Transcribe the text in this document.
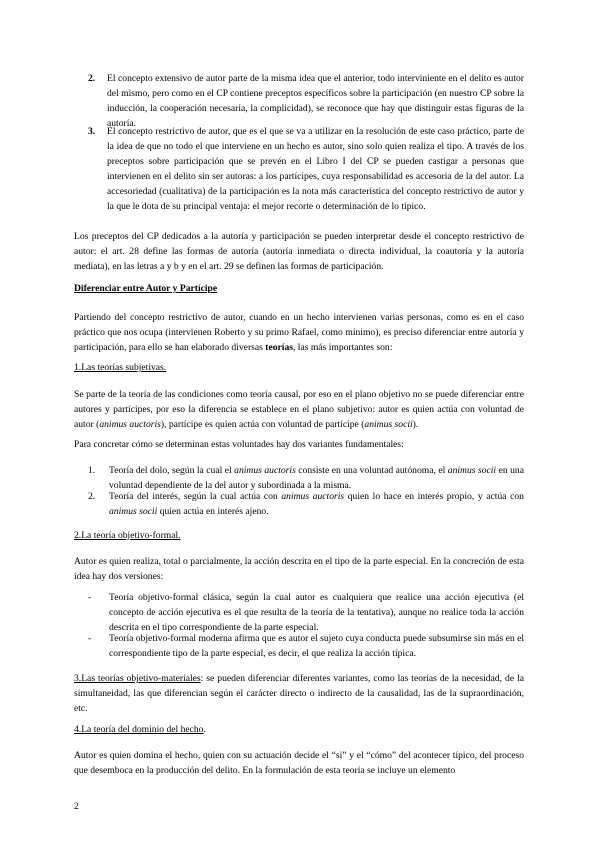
2.	El concepto extensivo de autor parte de la misma idea que el anterior, todo interviniente en el delito es autor del mismo, pero como en el CP contiene preceptos específicos sobre la participación (en nuestro CP sobre la inducción, la cooperación necesaria, la complicidad), se reconoce que hay que distinguir estas figuras de la autoría.

3.	El concepto restrictivo de autor, que es el que se va a utilizar en la resolución de este caso práctico, parte de la idea de que no todo el que interviene en un hecho es autor, sino solo quien realiza el tipo. A través de los preceptos sobre participación que se prevén en el Libro I del CP se pueden castigar a personas que intervienen en el delito sin ser autoras: a los partícipes, cuya responsabilidad es accesoria de la del autor. La accesoriedad (cualitativa) de la participación es la nota más característica del concepto restrictivo de autor y la que le dota de su principal ventaja: el mejor recorte o determinación de lo típico.

Los preceptos del CP dedicados a la autoría y participación se pueden interpretar desde el concepto restrictivo de autor: el art. 28 define las formas de autoría (autoría inmediata o directa individual, la coautoría y la autoría mediata), en las letras a y b y en el art. 29 se definen las formas de participación.

Diferenciar entre Autor y Partícipe

Partiendo del concepto restrictivo de autor, cuando en un hecho intervienen varias personas, como es en el caso práctico que nos ocupa (intervienen Roberto y su primo Rafael, como mínimo), es preciso diferenciar entre autoría y participación, para ello se han elaborado diversas teorías, las más importantes son:

1.Las teorías subjetivas.

Se parte de la teoría de las condiciones como teoría causal, por eso en el plano objetivo no se puede diferenciar entre autores y partícipes, por eso la diferencia se establece en el plano subjetivo: autor es quien actúa con voluntad de autor (animus auctoris), partícipe es quien actúa con voluntad de partícipe (animus socii).

Para concretar cómo se determinan estas voluntades hay dos variantes fundamentales:

1. Teoría del dolo, según la cual el animus auctoris consiste en una voluntad autónoma, el animus socii en una voluntad dependiente de la del autor y subordinada a la misma.

2. Teoría del interés, según la cual actúa con animus auctoris quien lo hace en interés propio, y actúa con animus socii quien actúa en interés ajeno.

2.La teoría objetivo-formal.

Autor es quien realiza, total o parcialmente, la acción descrita en el tipo de la parte especial. En la concreción de esta idea hay dos versiones:

- Teoría objetivo-formal clásica, según la cual autor es cualquiera que realice una acción ejecutiva (el concepto de acción ejecutiva es el que resulta de la teoría de la tentativa), aunque no realice toda la acción descrita en el tipo correspondiente de la parte especial.

- Teoría objetivo-formal moderna afirma que es autor el sujeto cuya conducta puede subsumirse sin más en el correspondiente tipo de la parte especial, es decir, el que realiza la acción típica.

3.Las teorías objetivo-materiales: se pueden diferenciar diferentes variantes, como las teorías de la necesidad, de la simultaneidad, las que diferencian según el carácter directo o indirecto de la causalidad, las de la supraordinación, etc.

4.La teoría del dominio del hecho.

Autor es quien domina el hecho, quien con su actuación decide el “si” y el “cómo” del acontecer típico, del proceso que desemboca en la producción del delito. En la formulación de esta teoría se incluye un elemento

2
